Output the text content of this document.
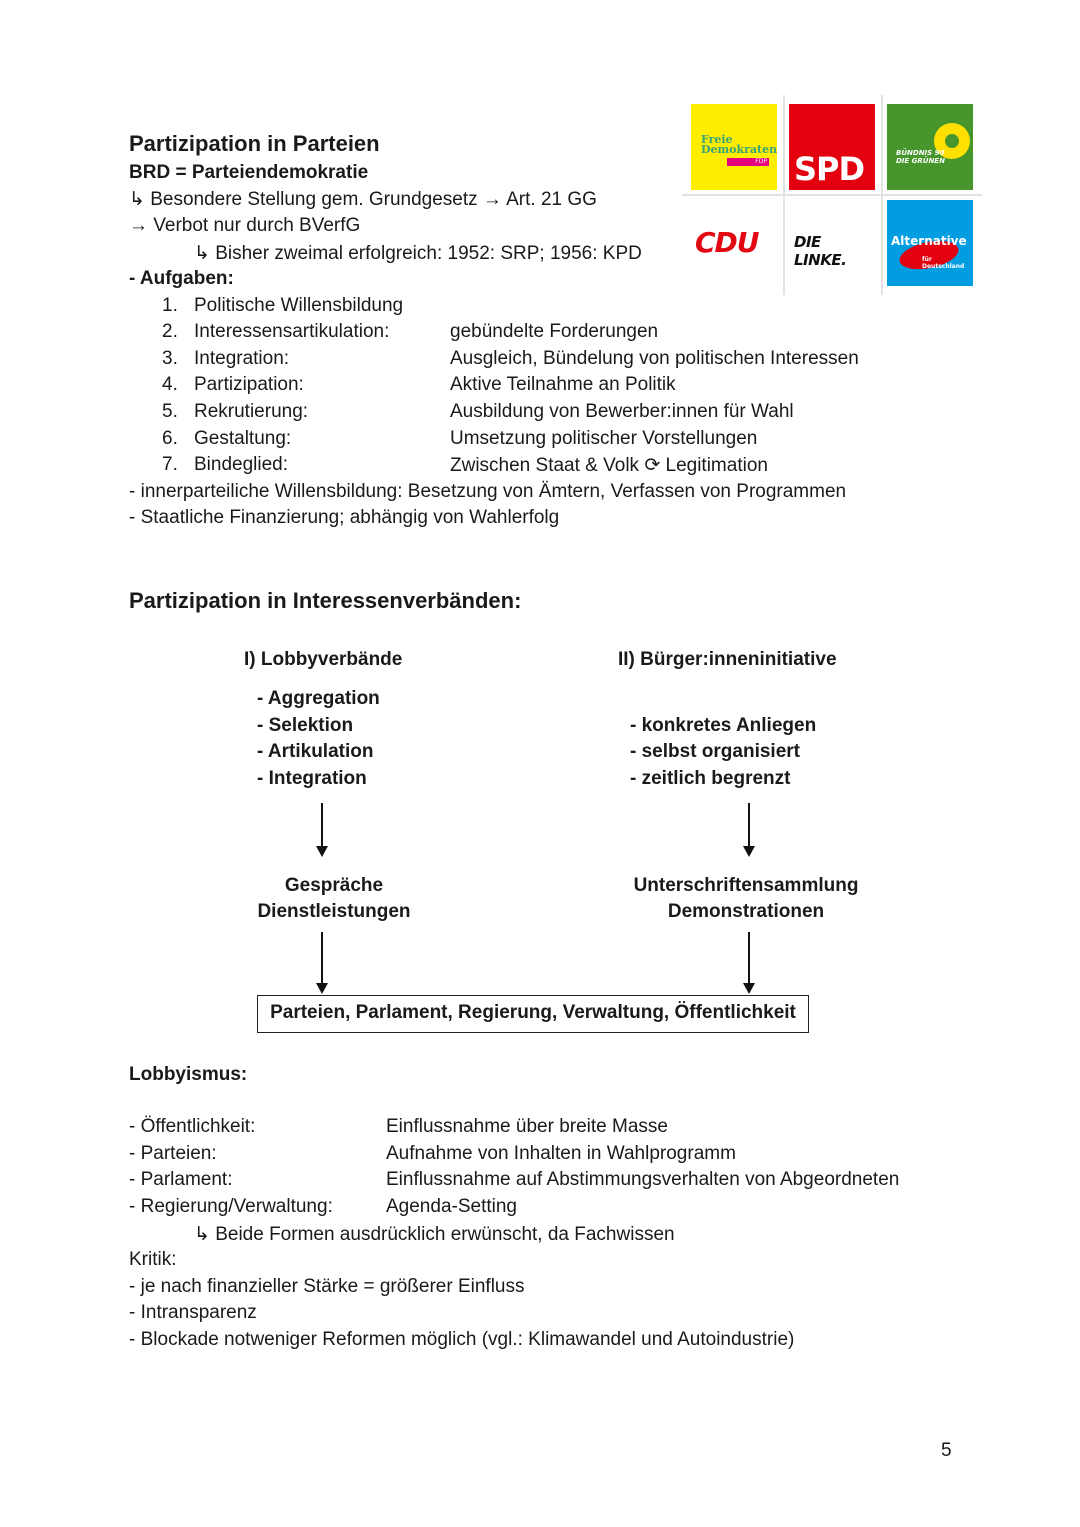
Partizipation in Parteien
BRD = Parteiendemokratie
↳ Besondere Stellung gem. Grundgesetz → Art. 21 GG
→ Verbot nur durch BVerfG
↳ Bisher zweimal erfolgreich: 1952: SRP; 1956: KPD
- Aufgaben:
1. Politische Willensbildung
2. Interessensartikulation:	gebündelte Forderungen
3. Integration:	Ausgleich, Bündelung von politischen Interessen
4. Partizipation:	Aktive Teilnahme an Politik
5. Rekrutierung:	Ausbildung von Bewerber:innen für Wahl
6. Gestaltung:	Umsetzung politischer Vorstellungen
7. Bindeglied:	Zwischen Staat & Volk ⟳ Legitimation
- innerparteiliche Willensbildung: Besetzung von Ämtern, Verfassen von Programmen
- Staatliche Finanzierung; abhängig von Wahlerfolg
Freie
Demokraten
FDP SPD	BÜNDNIS 90
DIE GRÜNEN
CDU DIE LINKE.
Alternative
für
Deutschland
Partizipation in Interessenverbänden:
I) Lobbyverbände
- Aggregation
- Selektion
- Artikulation
- Integration
II) Bürger:inneninitiative
- konkretes Anliegen
- selbst organisiert
- zeitlich begrenzt
Gespräche
Dienstleistungen
Unterschriftensammlung
Demonstrationen
Parteien, Parlament, Regierung, Verwaltung, Öffentlichkeit
Lobbyismus:
- Öffentlichkeit:	Einflussnahme über breite Masse
- Parteien:	Aufnahme von Inhalten in Wahlprogramm
- Parlament:	Einflussnahme auf Abstimmungsverhalten von Abgeordneten
- Regierung/Verwaltung:	Agenda-Setting
↳ Beide Formen ausdrücklich erwünscht, da Fachwissen
Kritik:
- je nach finanzieller Stärke = größerer Einfluss
- Intransparenz
- Blockade notweniger Reformen möglich (vgl.: Klimawandel und Autoindustrie)
5
